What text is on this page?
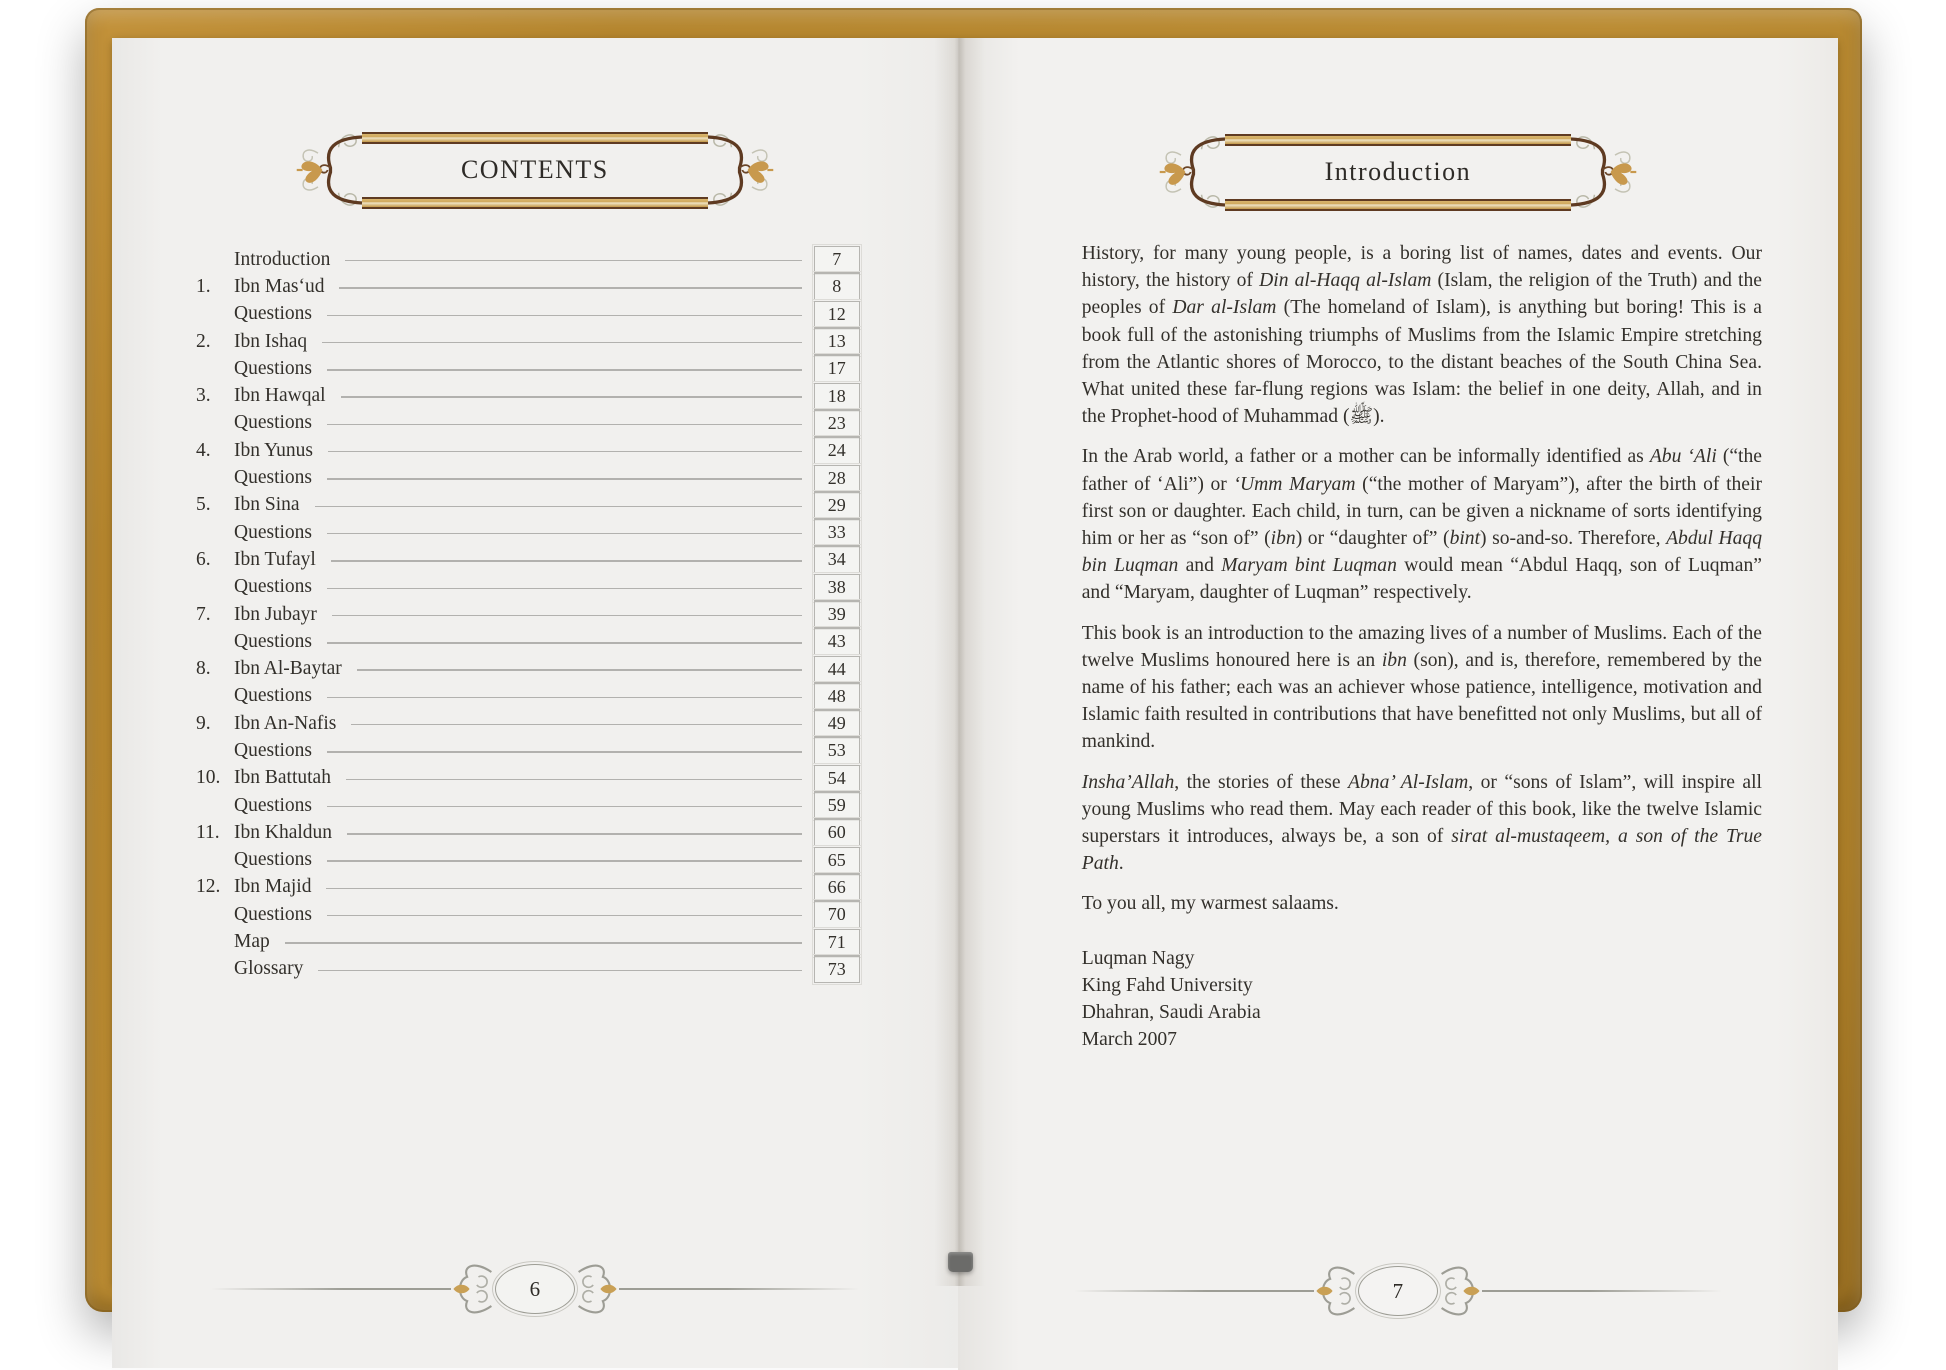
CONTENTS
Introduction	7
1.	Ibn Mas‘ud	8
Questions	12
2.	Ibn Ishaq	13
Questions	17
3.	Ibn Hawqal	18
Questions	23
4.	Ibn Yunus	24
Questions	28
5.	Ibn Sina	29
Questions	33
6.	Ibn Tufayl	34
Questions	38
7.	Ibn Jubayr	39
Questions	43
8.	Ibn Al-Baytar	44
Questions	48
9.	Ibn An-Nafis	49
Questions	53
10. Ibn Battutah	54
Questions	59
11. Ibn Khaldun	60
Questions	65
12. Ibn Majid	66
Questions	70
Map	71
Glossary	73
6
Introduction

History, for many young people, is a boring list of names, dates and events. Our history, the history of Din al-Haqq al-Islam (Islam, the religion of the Truth) and the peoples of Dar al-Islam (The homeland of Islam), is anything but boring! This is a book full of the astonishing triumphs of Muslims from the Islamic Empire stretching from the Atlantic shores of Morocco, to the distant beaches of the South China Sea. What united these far-flung regions was Islam: the belief in one deity, Allah, and in the Prophet-hood of Muhammad (ﷺ).

In the Arab world, a father or a mother can be informally identified as Abu ‘Ali (“the father of ‘Ali”) or ‘Umm Maryam (“the mother of Maryam”), after the birth of their first son or daughter. Each child, in turn, can be given a nickname of sorts identifying him or her as “son of” (ibn) or “daughter of” (bint) so-and-so. Therefore, Abdul Haqq bin Luqman and Maryam bint Luqman would mean “Abdul Haqq, son of Luqman” and “Maryam, daughter of Luqman” respectively.

This book is an introduction to the amazing lives of a number of Muslims. Each of the twelve Muslims honoured here is an ibn (son), and is, therefore, remembered by the name of his father; each was an achiever whose patience, intelligence, motivation and Islamic faith resulted in contributions that have benefitted not only Muslims, but all of mankind.

Insha’Allah, the stories of these Abna’ Al-Islam, or “sons of Islam”, will inspire all young Muslims who read them. May each reader of this book, like the twelve Islamic superstars it introduces, always be, a son of sirat al-mustaqeem, a son of the True Path.

To you all, my warmest salaams.

Luqman Nagy
King Fahd University
Dhahran, Saudi Arabia
March 2007
7
